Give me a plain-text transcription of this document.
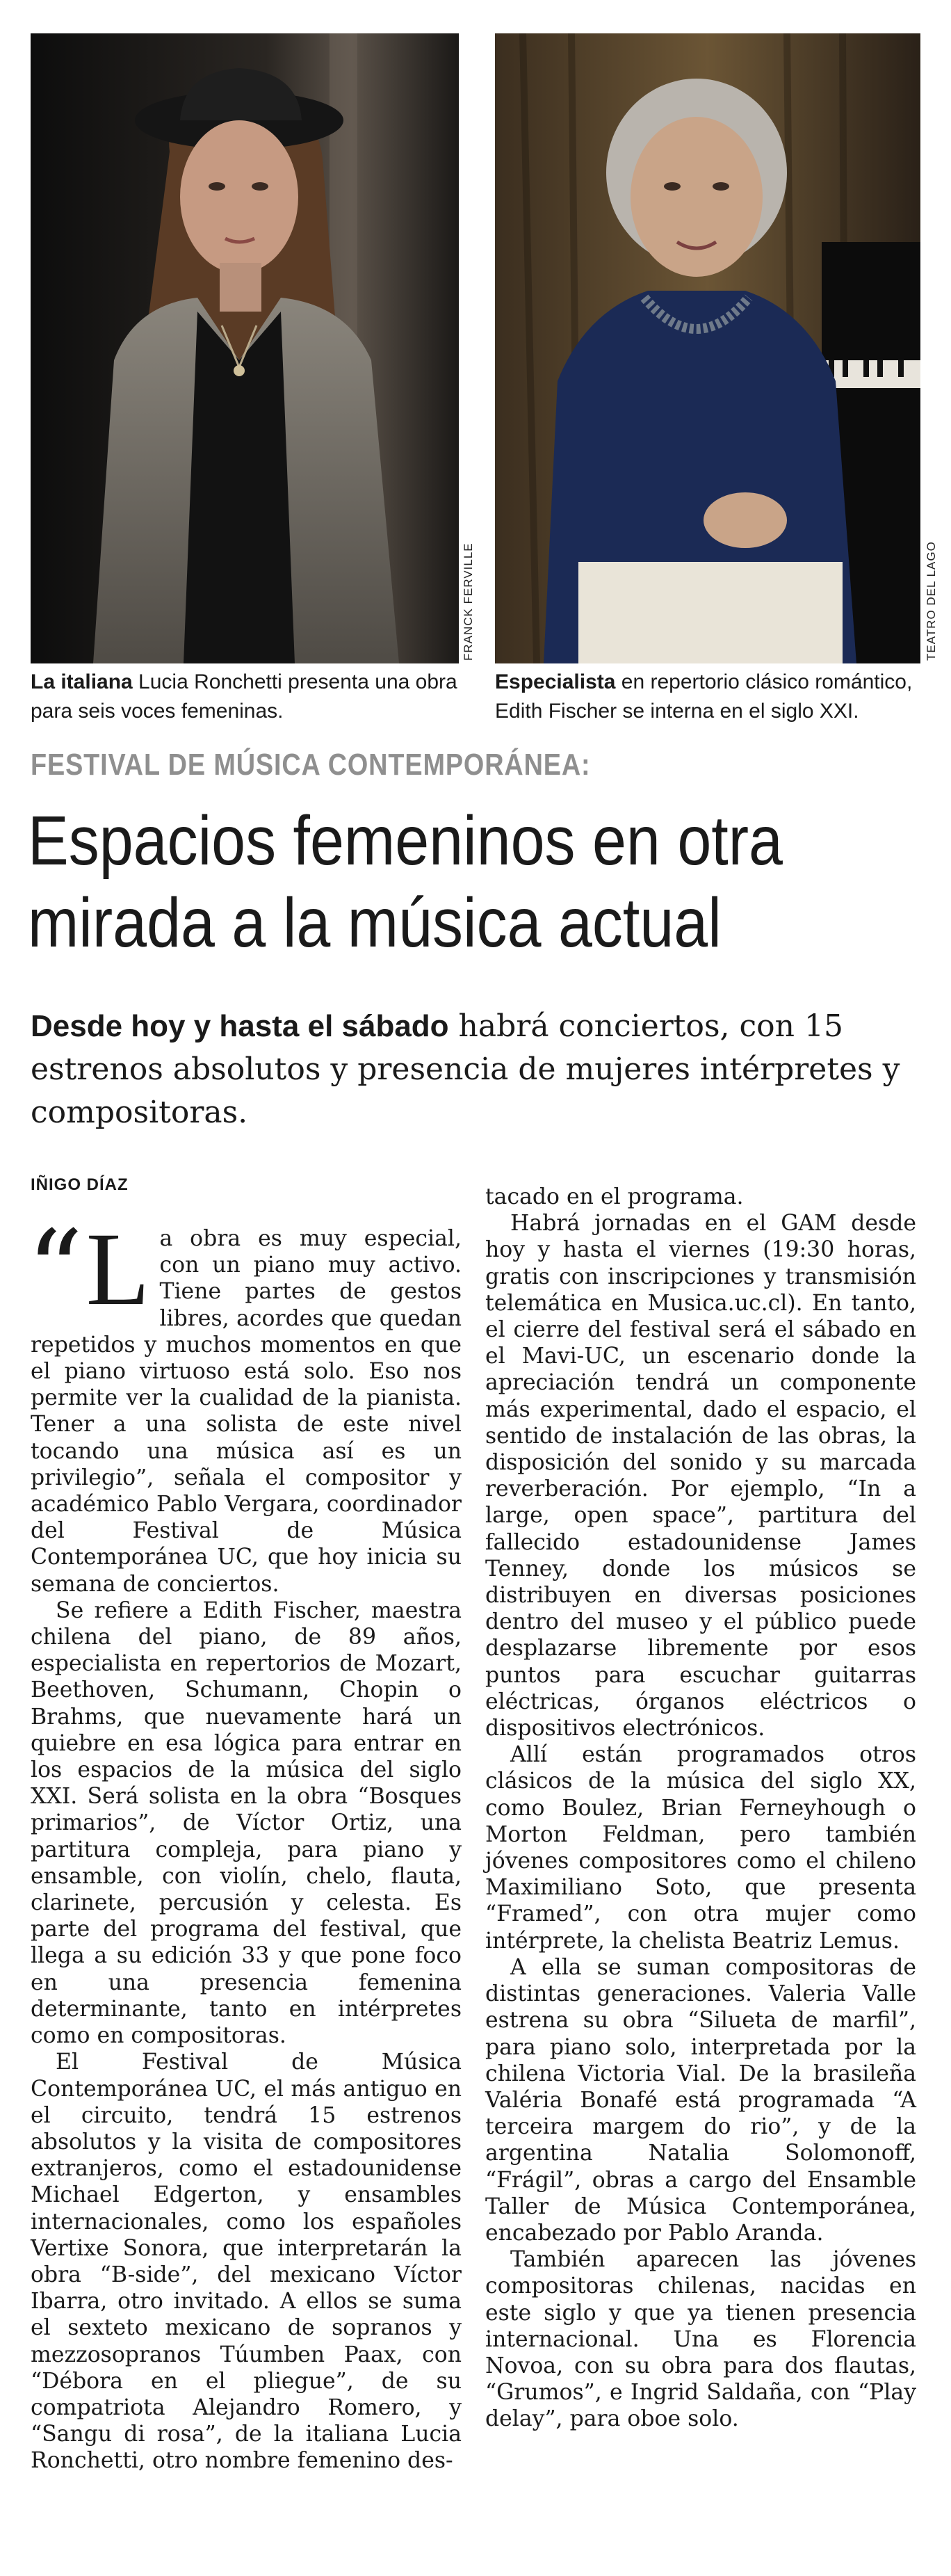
FRANCK FERVILLE	TEATRO DEL LAGO
La italiana Lucia Ronchetti presenta una obra para seis voces femeninas.
Especialista en repertorio clásico romántico, Edith Fischer se interna en el siglo XXI.
FESTIVAL DE MÚSICA CONTEMPORÁNEA:
Espacios femeninos en otra
mirada a la música actual
Desde hoy y hasta el sábado habrá conciertos, con 15 estrenos absolutos y presencia de mujeres intérpretes y compositoras.
IÑIGO DÍAZ
“ L a obra es muy especial, con un piano muy activo. Tiene partes de gestos libres, acordes que quedan repetidos y muchos momentos en que el piano virtuoso está solo. Eso nos permite ver la cualidad de la pianista. Tener a una solista de este nivel tocando una música así es un privilegio”, señala el compositor y académico Pablo Vergara, coordinador del Festival de Música Contemporánea UC, que hoy inicia su semana de conciertos.

Se refiere a Edith Fischer, maestra chilena del piano, de 89 años, especialista en repertorios de Mozart, Beethoven, Schumann, Chopin o Brahms, que nuevamente hará un quiebre en esa lógica para entrar en los espacios de la música del siglo XXI. Será solista en la obra “Bosques primarios”, de Víctor Ortiz, una partitura compleja, para piano y ensamble, con violín, chelo, flauta, clarinete, percusión y celesta. Es parte del programa del festival, que llega a su edición 33 y que pone foco en una presencia femenina determinante, tanto en intérpretes como en compositoras.

El Festival de Música Contemporánea UC, el más antiguo en el circuito, tendrá 15 estrenos absolutos y la visita de compositores extranjeros, como el estadounidense Michael Edgerton, y ensambles internacionales, como los españoles Vertixe Sonora, que interpretarán la obra “B-side”, del mexicano Víctor Ibarra, otro invitado. A ellos se suma el sexteto mexicano de sopranos y mezzosopranos Túumben Paax, con “Débora en el pliegue”, de su compatriota Alejandro Romero, y “Sangu di rosa”, de la italiana Lucia Ronchetti, otro nombre femenino des-

tacado en el programa.

Habrá jornadas en el GAM desde hoy y hasta el viernes (19:30 horas, gratis con inscripciones y transmisión telemática en Musica.uc.cl). En tanto, el cierre del festival será el sábado en el Mavi-UC, un escenario donde la apreciación tendrá un componente más experimental, dado el espacio, el sentido de instalación de las obras, la disposición del sonido y su marcada reverberación. Por ejemplo, “In a large, open space”, partitura del fallecido estadounidense James Tenney, donde los músicos se distribuyen en diversas posiciones dentro del museo y el público puede desplazarse libremente por esos puntos para escuchar guitarras eléctricas, órganos eléctricos o dispositivos electrónicos.

Allí están programados otros clásicos de la música del siglo XX, como Boulez, Brian Ferneyhough o Morton Feldman, pero también jóvenes compositores como el chileno Maximiliano Soto, que presenta “Framed”, con otra mujer como intérprete, la chelista Beatriz Lemus.

A ella se suman compositoras de distintas generaciones. Valeria Valle estrena su obra “Silueta de marfil”, para piano solo, interpretada por la chilena Victoria Vial. De la brasileña Valéria Bonafé está programada “A terceira margem do rio”, y de la argentina Natalia Solomonoff, “Frágil”, obras a cargo del Ensamble Taller de Música Contemporánea, encabezado por Pablo Aranda.

También aparecen las jóvenes compositoras chilenas, nacidas en este siglo y que ya tienen presencia internacional. Una es Florencia Novoa, con su obra para dos flautas, “Grumos”, e Ingrid Saldaña, con “Play delay”, para oboe solo.
